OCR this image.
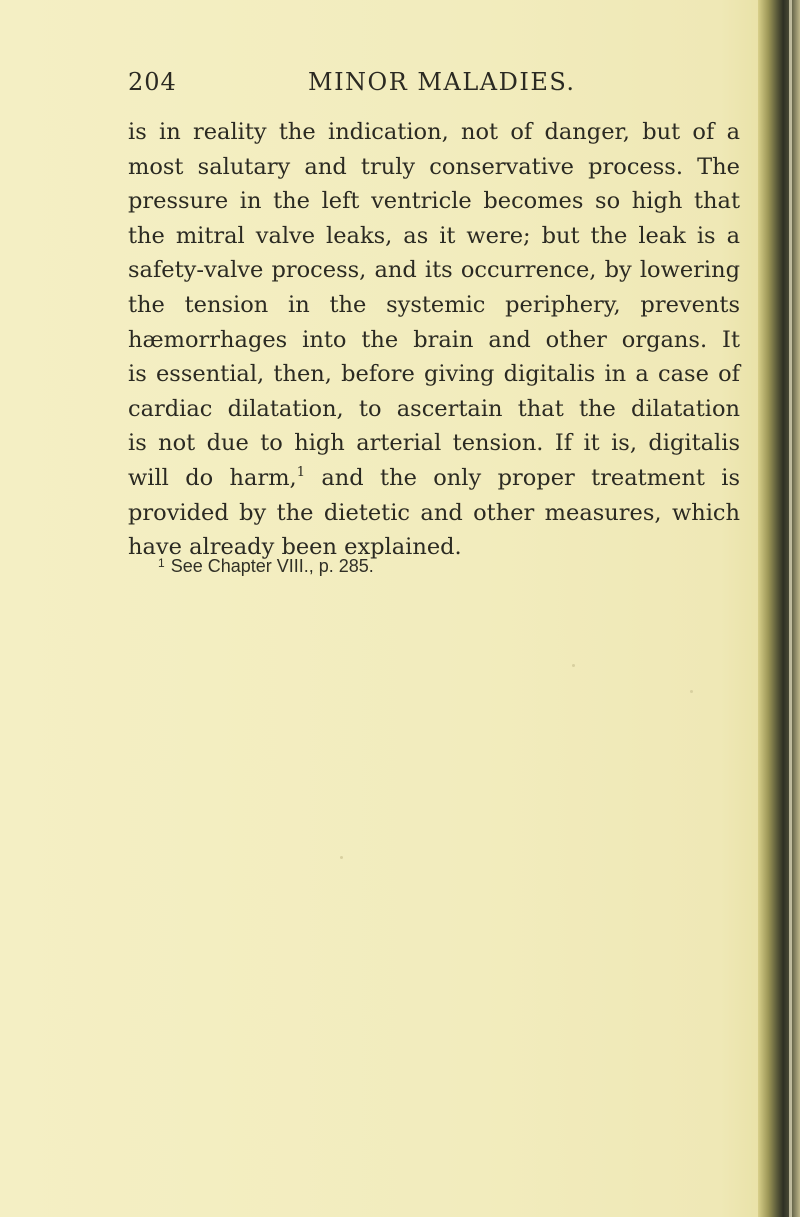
204	MINOR MALADIES.
is in reality the indication, not of danger, but of a
most salutary and truly conservative process. The
pressure in the left ventricle becomes so high that
the mitral valve leaks, as it were; but the leak is a
safety-valve process, and its occurrence, by lowering
the tension in the systemic periphery, prevents
hæmorrhages into the brain and other organs. It
is essential, then, before giving digitalis in a case of
cardiac dilatation, to ascertain that the dilatation
is not due to high arterial tension. If it is, digitalis
will do harm,$^1$ and the only proper treatment is
provided by the dietetic and other measures, which
have already been explained.
$^1$ See Chapter VIII., p. 285.
